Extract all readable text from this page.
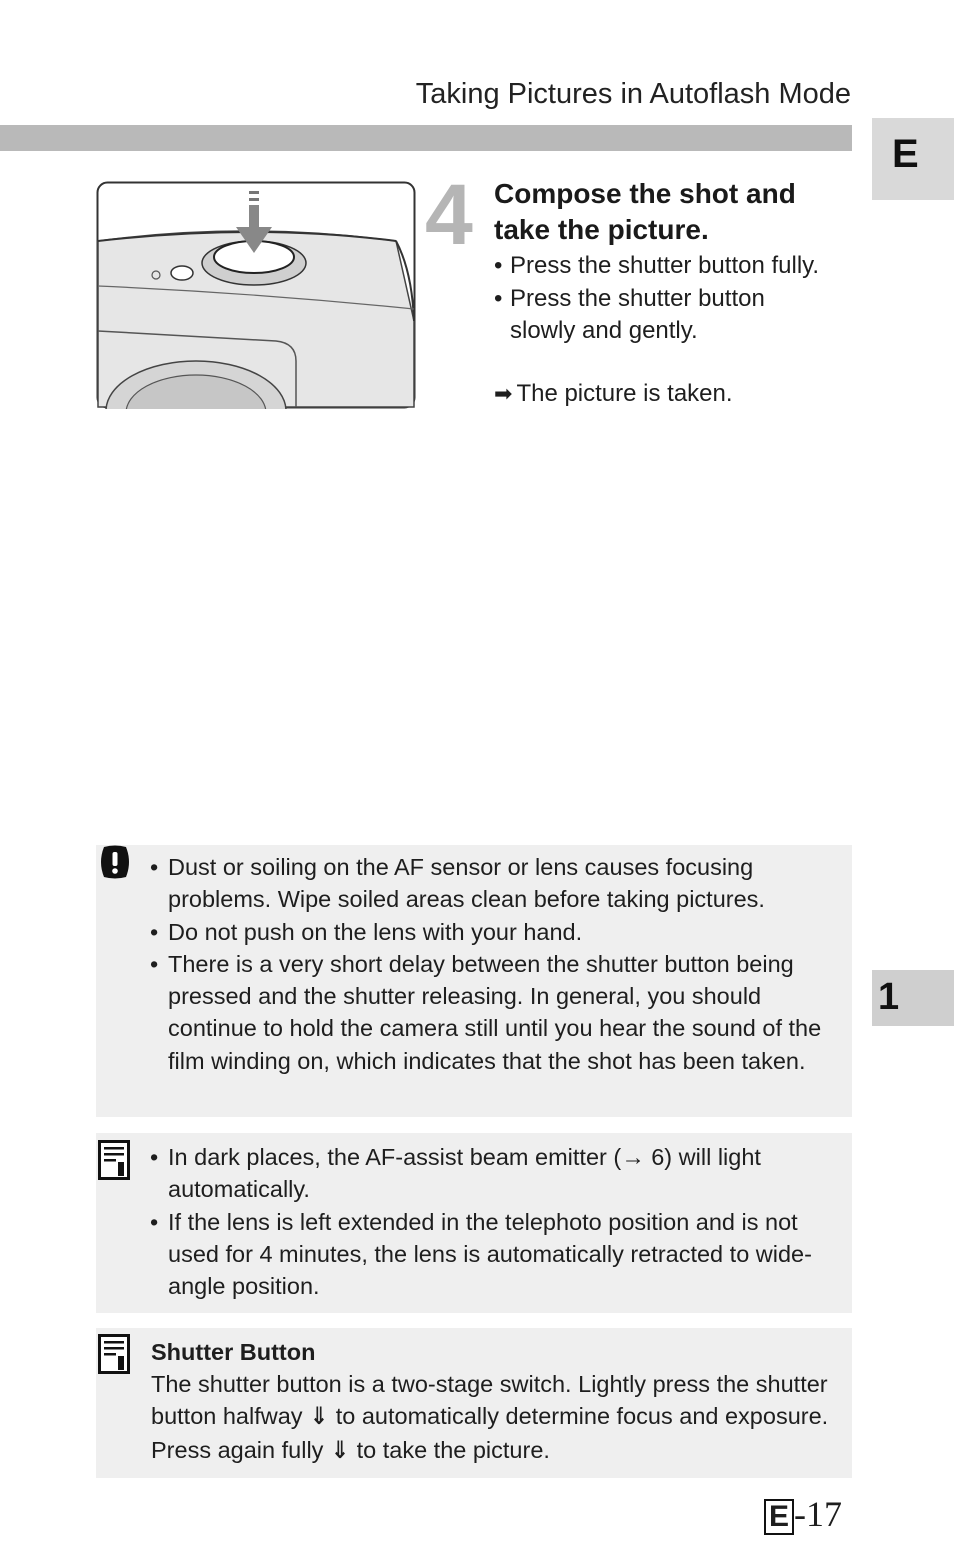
Taking Pictures in Autoflash Mode
E
1
4 Compose the shot and take the picture.
• Press the shutter button fully.
• Press the shutter button slowly and gently.
➡ The picture is taken.
• Dust or soiling on the AF sensor or lens causes focusing problems. Wipe soiled areas clean before taking pictures.
• Do not push on the lens with your hand.
• There is a very short delay between the shutter button being pressed and the shutter releasing. In general, you should continue to hold the camera still until you hear the sound of the film winding on, which indicates that the shot has been taken.
• In dark places, the AF-assist beam emitter (→ 6) will light automatically.
• If the lens is left extended in the telephoto position and is not used for 4 minutes, the lens is automatically retracted to wide-angle position.
Shutter Button
The shutter button is a two-stage switch. Lightly press the shutter button halfway ⇓ to automatically determine focus and exposure. Press again fully ⇓ to take the picture.
E -17
